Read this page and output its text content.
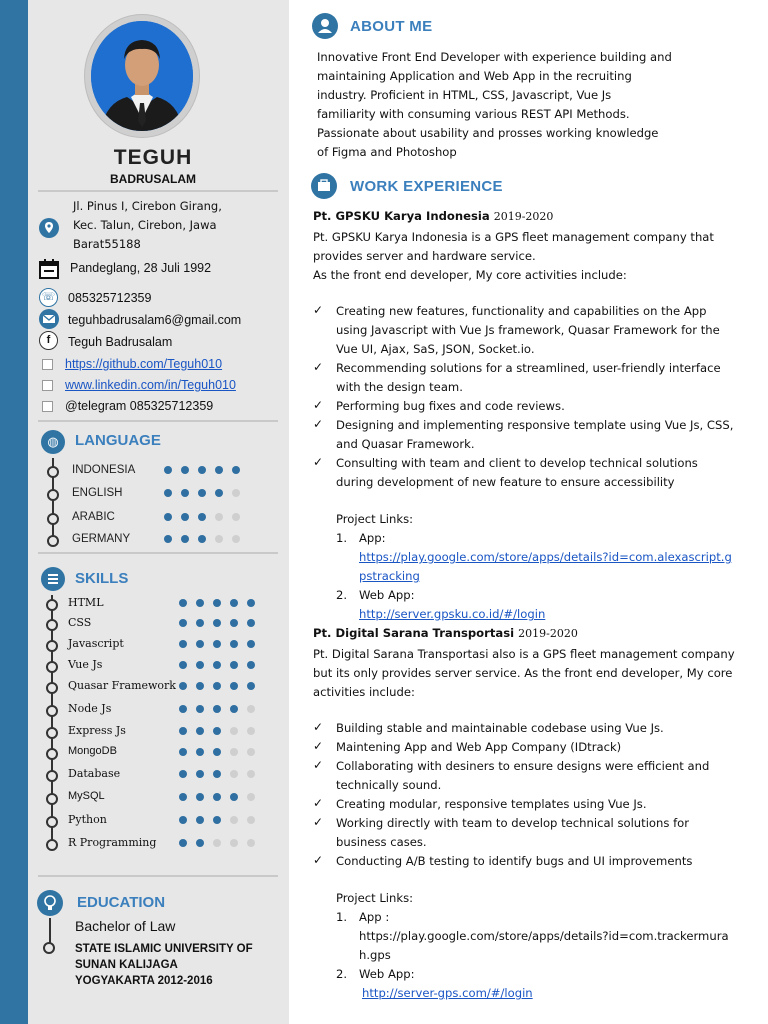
TEGUH
BADRUSALAM
Jl. Pinus I, Cirebon Girang,
Kec. Talun, Cirebon, Jawa
Barat55188
Pandeglang, 28 Juli 1992
☏ 085325712359
teguhbadrusalam6@gmail.com
f	Teguh Badrusalam
https://github.com/Teguh010
www.linkedin.com/in/Teguh010
@telegram 085325712359
◍	LANGUAGE
INDONESIA
ENGLISH
ARABIC
GERMANY
SKILLS
HTML
CSS
Javascript
Vue Js
Quasar Framework
Node Js
Express Js
MongoDB
Database
MySQL
Python
R Programming
EDUCATION
Bachelor of Law
STATE ISLAMIC UNIVERSITY OF
SUNAN KALIJAGA
YOGYAKARTA 2012-2016
ABOUT ME
Innovative Front End Developer with experience building and
maintaining Application and Web App in the recruiting
industry. Proficient in HTML, CSS, Javascript, Vue Js
familiarity with consuming various REST API Methods.
Passionate about usability and prosses working knowledge
of Figma and Photoshop
WORK EXPERIENCE
Pt. GPSKU Karya Indonesia 2019-2020
Pt. GPSKU Karya Indonesia is a GPS fleet management company that
provides server and hardware service.
As the front end developer, My core activities include:
✓ Creating new features, functionality and capabilities on the App
using Javascript with Vue Js framework, Quasar Framework for the
Vue UI, Ajax, SaS, JSON, Socket.io.
✓ Recommending solutions for a streamlined, user-friendly interface
with the design team.
✓ Performing bug fixes and code reviews.
✓ Designing and implementing responsive template using Vue Js, CSS,
and Quasar Framework.
✓ Consulting with team and client to develop technical solutions
during development of new feature to ensure accessibility
Project Links:
1. App:
https://play.google.com/store/apps/details?id=com.alexascript.g
pstracking
2. Web App:
http://server.gpsku.co.id/#/login
Pt. Digital Sarana Transportasi 2019-2020
Pt. Digital Sarana Transportasi also is a GPS fleet management company
but its only provides server service. As the front end developer, My core
activities include:
✓ Building stable and maintainable codebase using Vue Js.
✓ Maintening App and Web App Company (IDtrack)
✓ Collaborating with desiners to ensure designs were efficient and
technically sound.
✓ Creating modular, responsive templates using Vue Js.
✓ Working directly with team to develop technical solutions for
business cases.
✓ Conducting A/B testing to identify bugs and UI improvements
Project Links:
1. App :
https://play.google.com/store/apps/details?id=com.trackermura
h.gps
2. Web App:
http://server-gps.com/#/login
